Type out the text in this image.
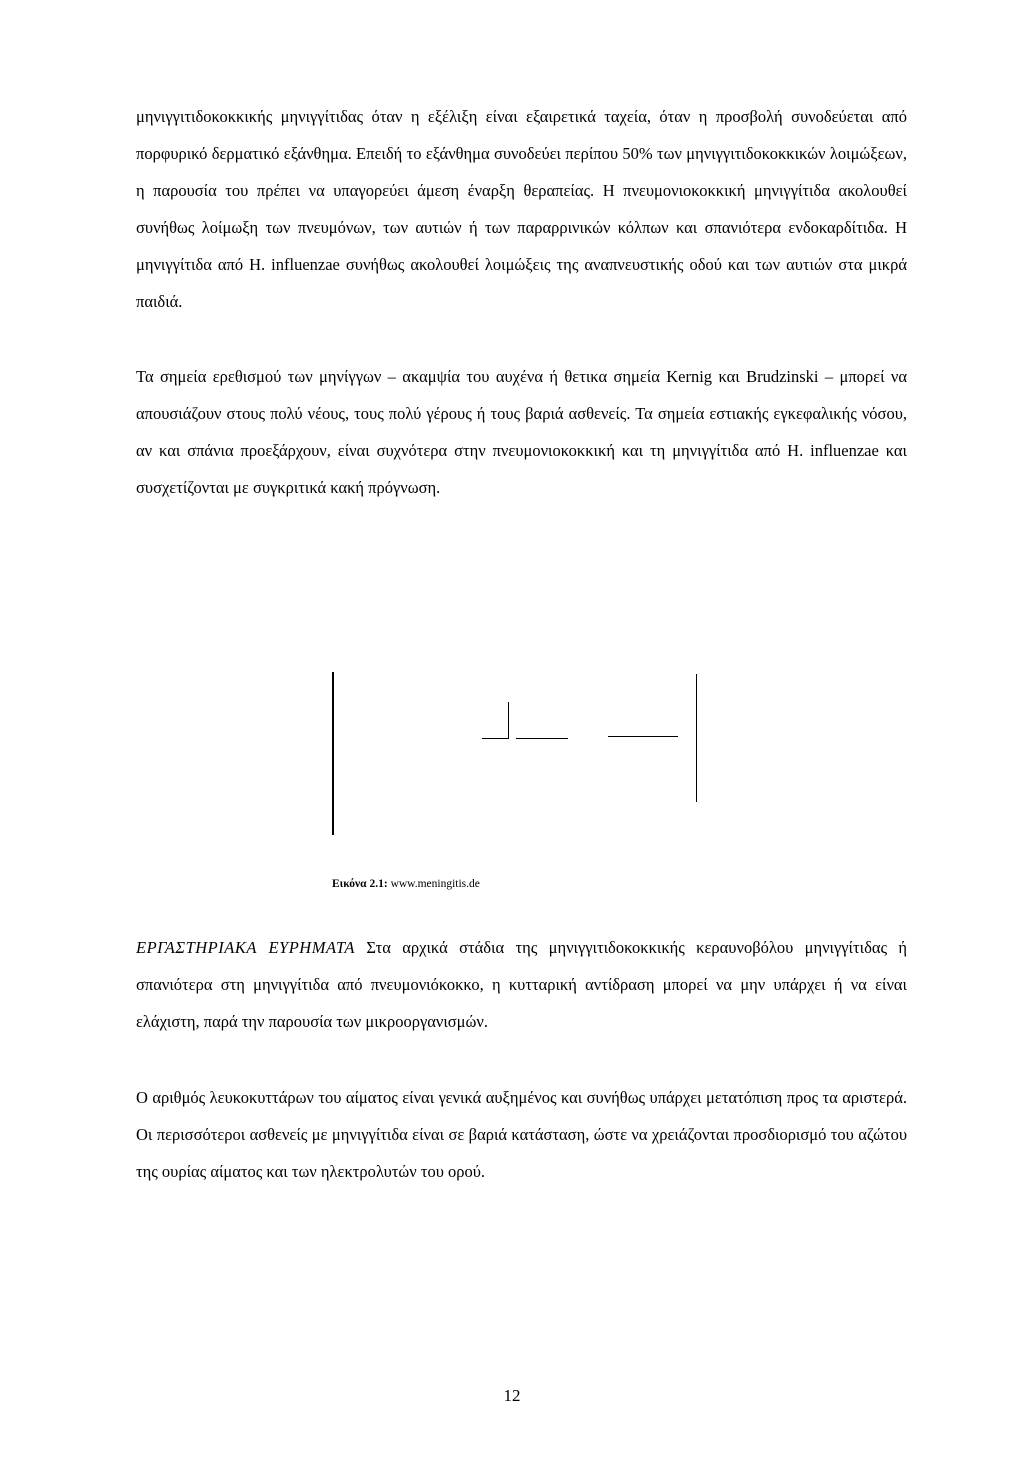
μηνιγγιτιδοκοκκικής μηνιγγίτιδας όταν η εξέλιξη είναι εξαιρετικά ταχεία, όταν η προσβολή συνοδεύεται από πορφυρικό δερματικό εξάνθημα. Επειδή το εξάνθημα συνοδεύει περίπου 50% των μηνιγγιτιδοκοκκικών λοιμώξεων, η παρουσία του πρέπει να υπαγορεύει άμεση έναρξη θεραπείας. Η πνευμονιοκοκκική μηνιγγίτιδα ακολουθεί συνήθως λοίμωξη των πνευμόνων, των αυτιών ή των παραρρινικών κόλπων και σπανιότερα ενδοκαρδίτιδα. Η μηνιγγίτιδα από Η. influenzae συνήθως ακολουθεί λοιμώξεις της αναπνευστικής οδού και των αυτιών στα μικρά παιδιά.

Τα σημεία ερεθισμού των μηνίγγων – ακαμψία του αυχένα ή θετικα σημεία Kernig και Brudzinski – μπορεί να απουσιάζουν στους πολύ νέους, τους πολύ γέρους ή τους βαριά ασθενείς. Τα σημεία εστιακής εγκεφαλικής νόσου, αν και σπάνια προεξάρχουν, είναι συχνότερα στην πνευμονιοκοκκική και τη μηνιγγίτιδα από Η. influenzae και συσχετίζονται με συγκριτικά κακή πρόγνωση.

Εικόνα 2.1: www.meningitis.de

ΕΡΓΑΣΤΗΡΙΑΚΑ ΕΥΡΗΜΑΤΑ Στα αρχικά στάδια της μηνιγγιτιδοκοκκικής κεραυνοβόλου μηνιγγίτιδας ή σπανιότερα στη μηνιγγίτιδα από πνευμονιόκοκκο, η κυτταρική αντίδραση μπορεί να μην υπάρχει ή να είναι ελάχιστη, παρά την παρουσία των μικροοργανισμών.

Ο αριθμός λευκοκυττάρων του αίματος είναι γενικά αυξημένος και συνήθως υπάρχει μετατόπιση προς τα αριστερά. Οι περισσότεροι ασθενείς με μηνιγγίτιδα είναι σε βαριά κατάσταση, ώστε να χρειάζονται προσδιορισμό του αζώτου της ουρίας αίματος και των ηλεκτρολυτών του ορού.

12
